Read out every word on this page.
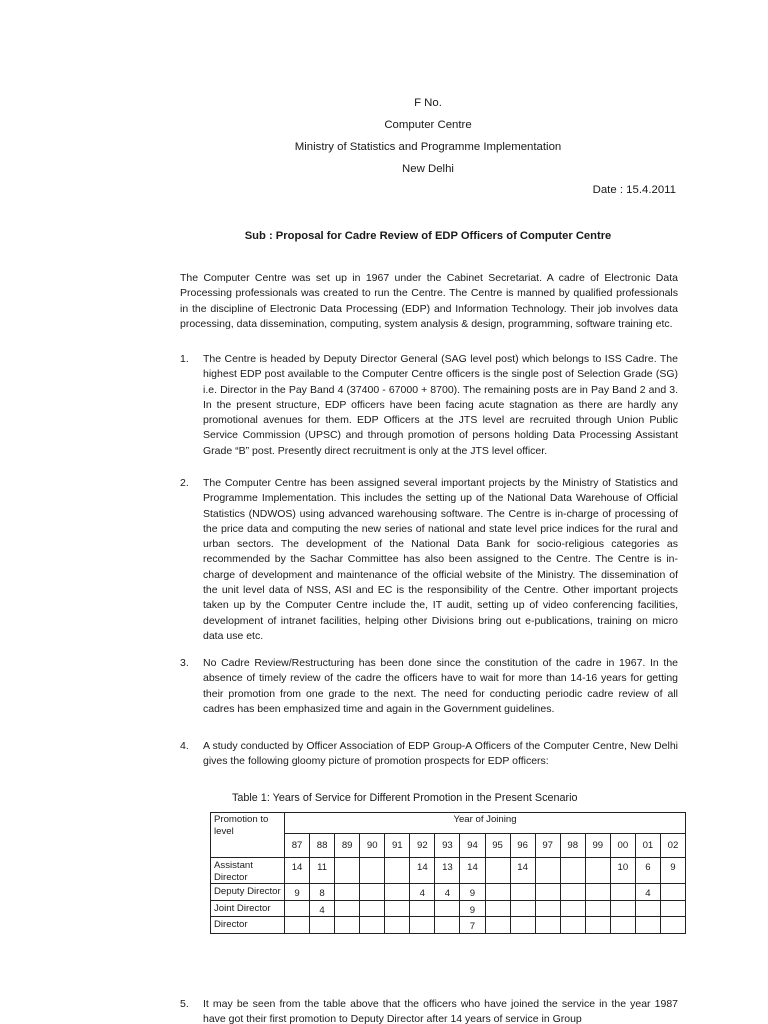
F No.
Computer Centre
Ministry of Statistics and Programme Implementation
New Delhi
Date : 15.4.2011
Sub : Proposal for Cadre Review of EDP Officers of Computer Centre
The Computer Centre was set up in 1967 under the Cabinet Secretariat. A cadre of Electronic Data Processing professionals was created to run the Centre. The Centre is manned by qualified professionals in the discipline of Electronic Data Processing (EDP) and Information Technology. Their job involves data processing, data dissemination, computing, system analysis & design, programming, software training etc.
1. The Centre is headed by Deputy Director General (SAG level post) which belongs to ISS Cadre. The highest EDP post available to the Computer Centre officers is the single post of Selection Grade (SG) i.e. Director in the Pay Band 4 (37400 - 67000 + 8700). The remaining posts are in Pay Band 2 and 3. In the present structure, EDP officers have been facing acute stagnation as there are hardly any promotional avenues for them. EDP Officers at the JTS level are recruited through Union Public Service Commission (UPSC) and through promotion of persons holding Data Processing Assistant Grade “B” post. Presently direct recruitment is only at the JTS level officer.
2. The Computer Centre has been assigned several important projects by the Ministry of Statistics and Programme Implementation. This includes the setting up of the National Data Warehouse of Official Statistics (NDWOS) using advanced warehousing software. The Centre is in-charge of processing of the price data and computing the new series of national and state level price indices for the rural and urban sectors. The development of the National Data Bank for socio-religious categories as recommended by the Sachar Committee has also been assigned to the Centre. The Centre is in-charge of development and maintenance of the official website of the Ministry. The dissemination of the unit level data of NSS, ASI and EC is the responsibility of the Centre. Other important projects taken up by the Computer Centre include the, IT audit, setting up of video conferencing facilities, development of intranet facilities, helping other Divisions bring out e-publications, training on micro data use etc.
3. No Cadre Review/Restructuring has been done since the constitution of the cadre in 1967. In the absence of timely review of the cadre the officers have to wait for more than 14-16 years for getting their promotion from one grade to the next. The need for conducting periodic cadre review of all cadres has been emphasized time and again in the Government guidelines.
4. A study conducted by Officer Association of EDP Group-A Officers of the Computer Centre, New Delhi gives the following gloomy picture of promotion prospects for EDP officers:
Table 1: Years of Service for Different Promotion in the Present Scenario
Promotion to level	Year of Joining															
	87	88	89	90	91	92	93	94	95	96	97	98	99	00	01	02
Assistant Director	14	11				14	13	14		14				10	6	9
Deputy Director	9	8				4	4	9							4	
Joint Director		4						9								
Director								7								
5. It may be seen from the table above that the officers who have joined the service in the year 1987 have got their first promotion to Deputy Director after 14 years of service in Group
